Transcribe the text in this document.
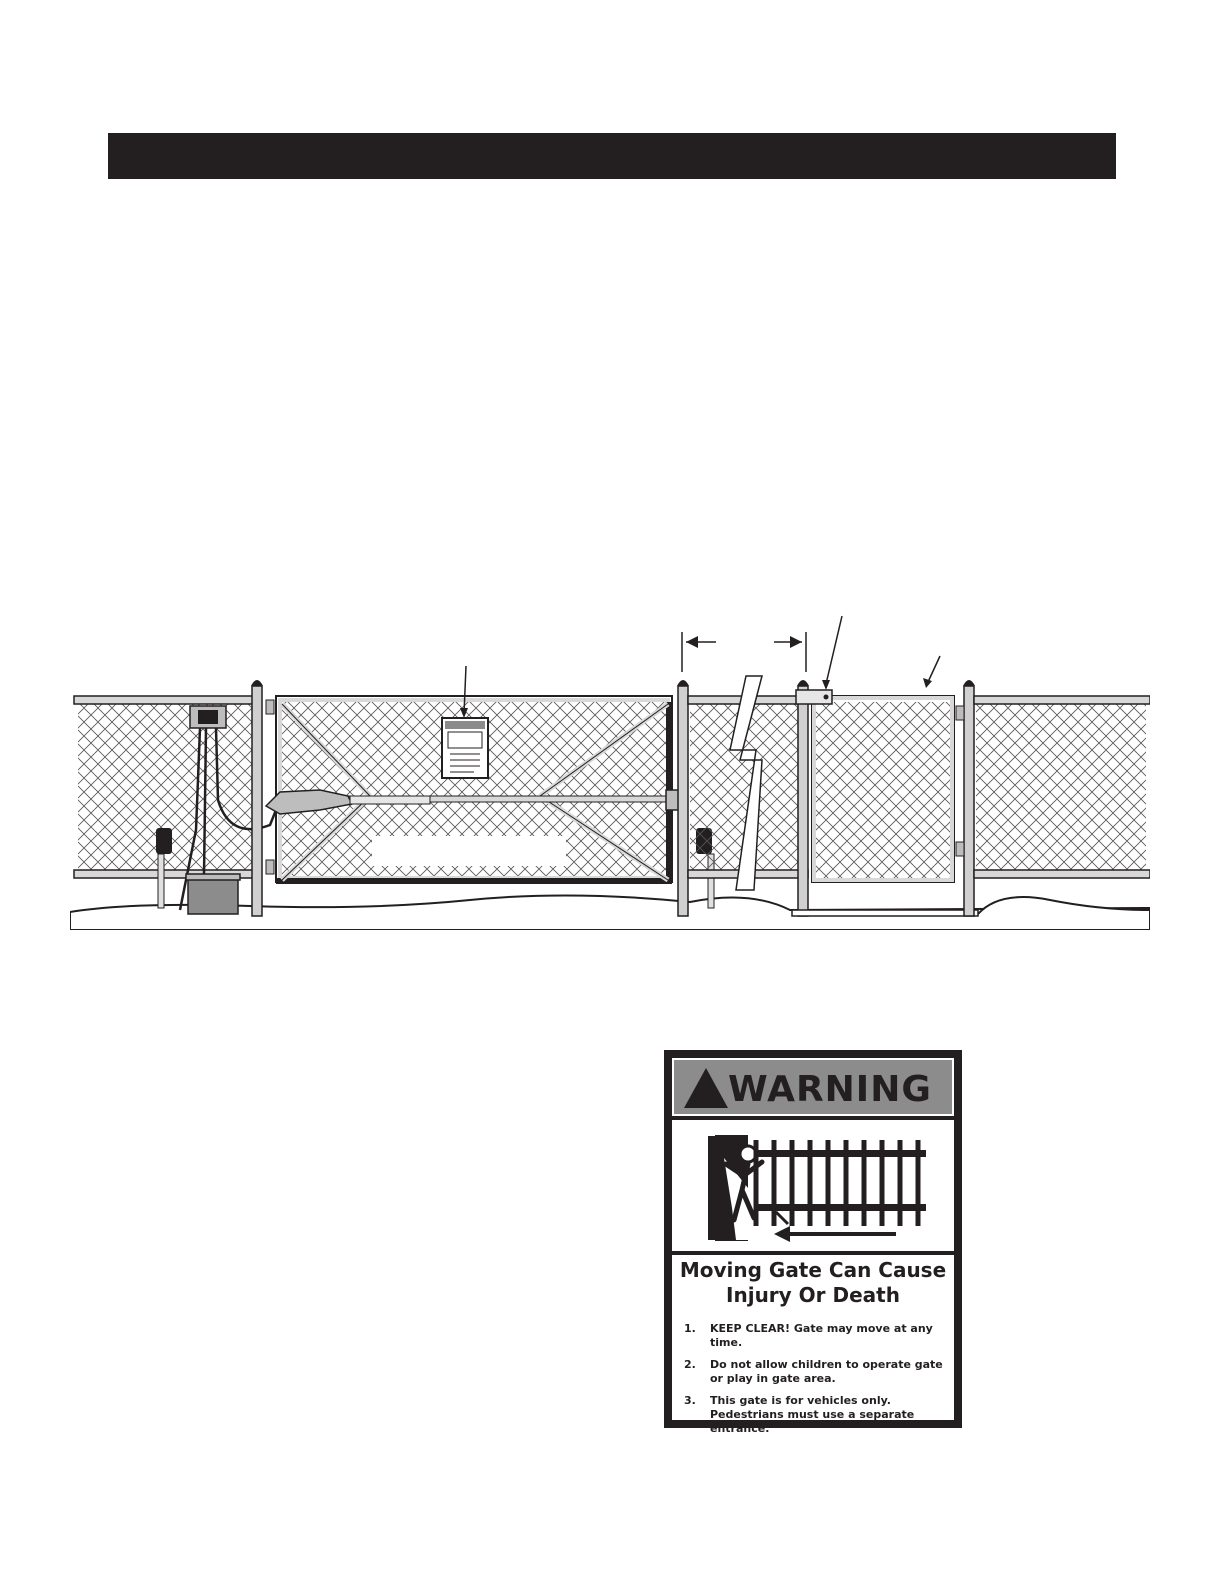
WARNING
Moving Gate Can Cause
Injury Or Death
1. KEEP CLEAR! Gate may move at any time.
2. Do not allow children to operate gate or play in gate area.
3. This gate is for vehicles only. Pedestrians must use a separate entrance.
